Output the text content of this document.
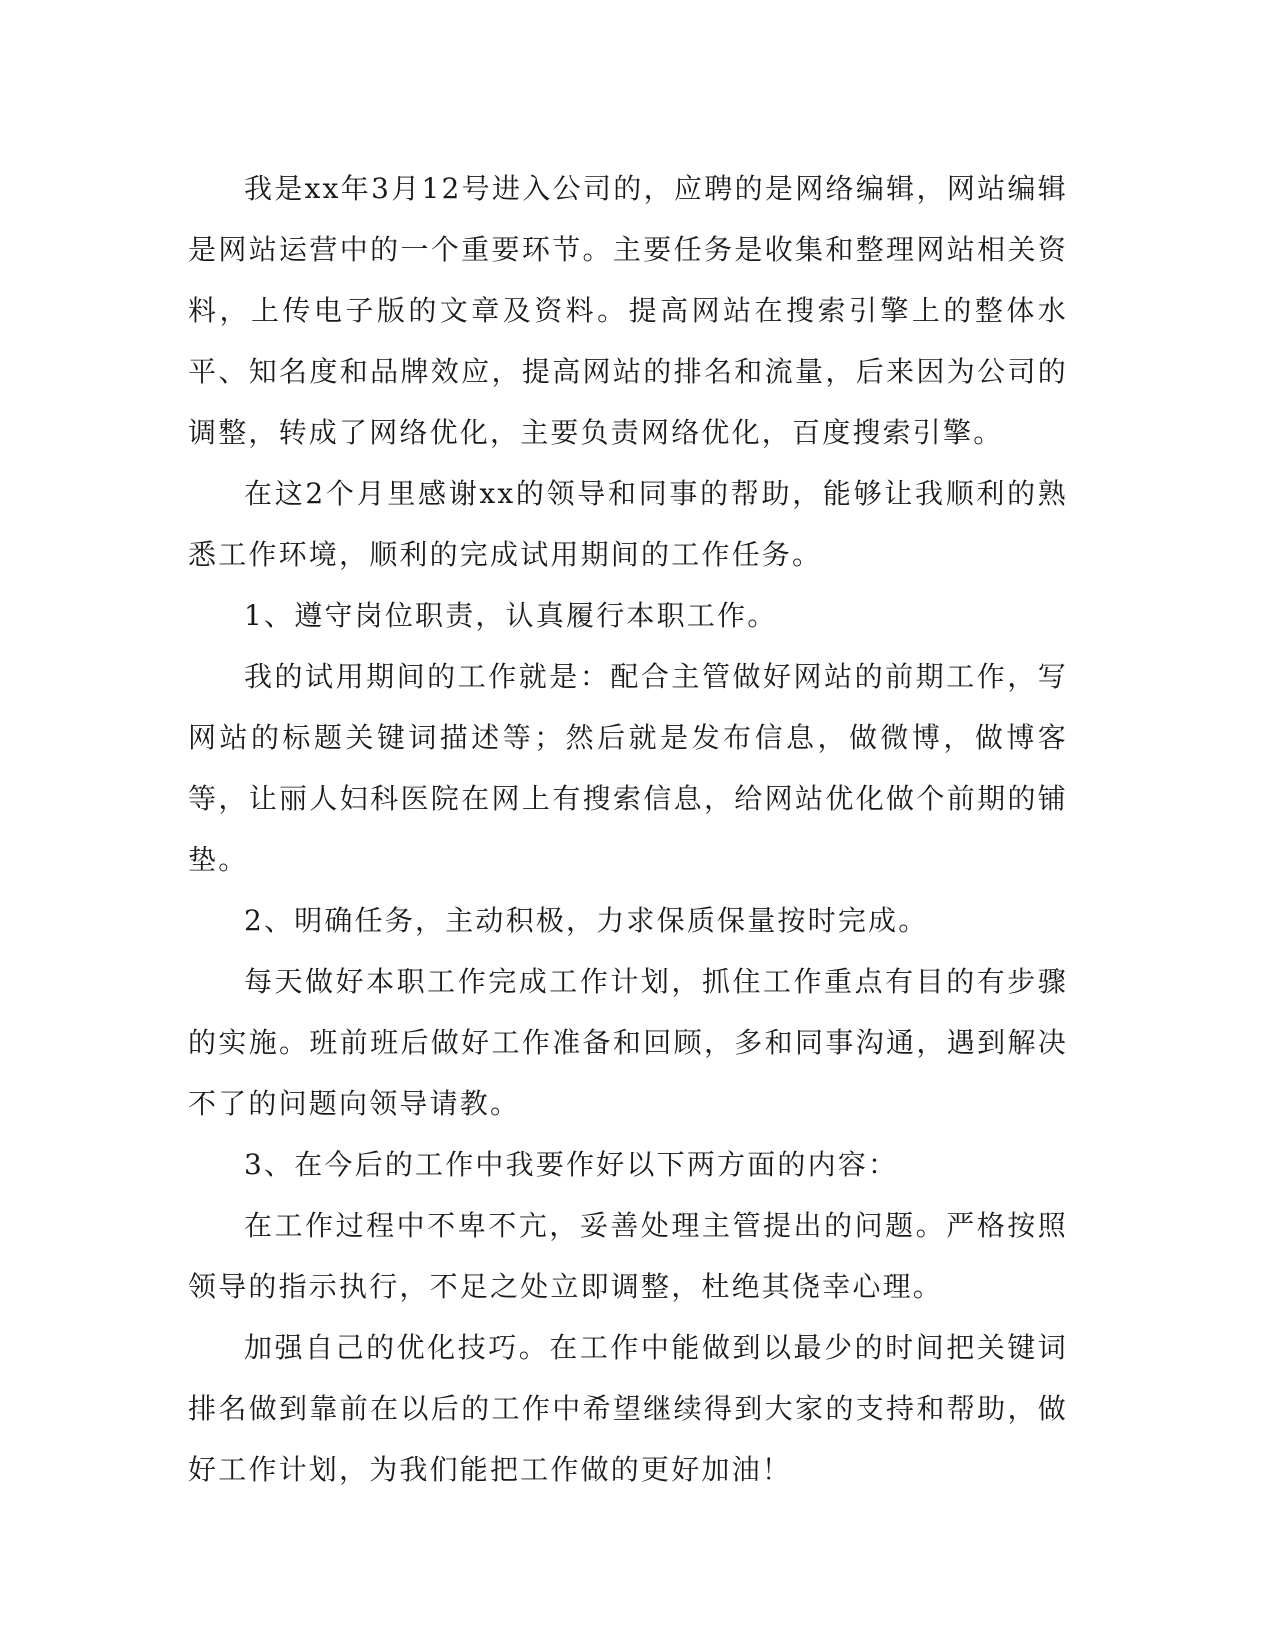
我是xx年3月12号进入公司的，应聘的是网络编辑，网站编辑是网站运营中的一个重要环节。主要任务是收集和整理网站相关资料，上传电子版的文章及资料。提高网站在搜索引擎上的整体水平、知名度和品牌效应，提高网站的排名和流量，后来因为公司的调整，转成了网络优化，主要负责网络优化，百度搜索引擎。

在这2个月里感谢xx的领导和同事的帮助，能够让我顺利的熟悉工作环境，顺利的完成试用期间的工作任务。

1、遵守岗位职责，认真履行本职工作。

我的试用期间的工作就是：配合主管做好网站的前期工作，写网站的标题关键词描述等；然后就是发布信息，做微博，做博客等，让丽人妇科医院在网上有搜索信息，给网站优化做个前期的铺垫。

2、明确任务，主动积极，力求保质保量按时完成。

每天做好本职工作完成工作计划，抓住工作重点有目的有步骤的实施。班前班后做好工作准备和回顾，多和同事沟通，遇到解决不了的问题向领导请教。

3、在今后的工作中我要作好以下两方面的内容：

在工作过程中不卑不亢，妥善处理主管提出的问题。严格按照领导的指示执行，不足之处立即调整，杜绝其侥幸心理。

加强自己的优化技巧。在工作中能做到以最少的时间把关键词排名做到靠前在以后的工作中希望继续得到大家的支持和帮助，做好工作计划，为我们能把工作做的更好加油！
